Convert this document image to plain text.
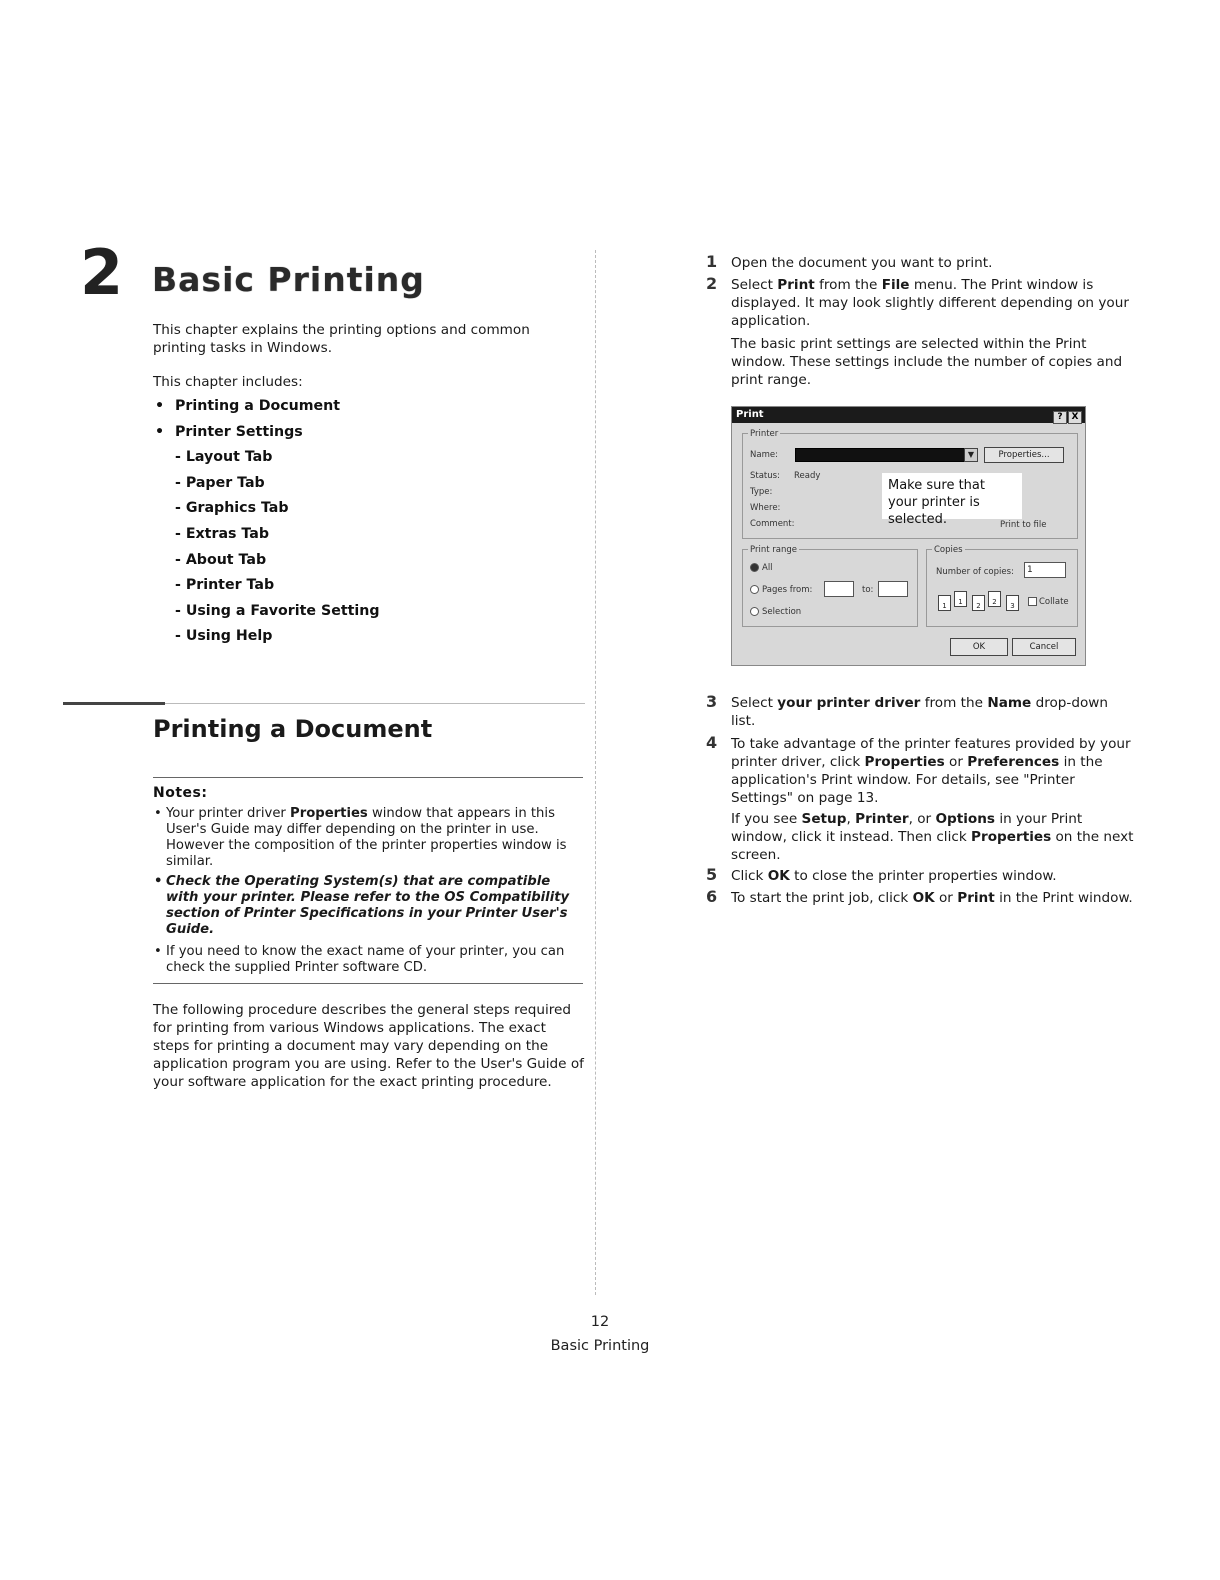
2 Basic Printing
This chapter explains the printing options and common printing tasks in Windows.
This chapter includes:
• Printing a Document
• Printer Settings
- Layout Tab
- Paper Tab
- Graphics Tab
- Extras Tab
- About Tab
- Printer Tab
- Using a Favorite Setting
- Using Help
Printing a Document
Notes:
• Your printer driver Properties window that appears in this User's Guide may differ depending on the printer in use. However the composition of the printer properties window is similar.
• Check the Operating System(s) that are compatible with your printer. Please refer to the OS Compatibility section of Printer Specifications in your Printer User's Guide.
• If you need to know the exact name of your printer, you can check the supplied Printer software CD.
The following procedure describes the general steps required for printing from various Windows applications. The exact steps for printing a document may vary depending on the application program you are using. Refer to the User's Guide of your software application for the exact printing procedure.
1 Open the document you want to print.
2 Select Print from the File menu. The Print window is displayed. It may look slightly different depending on your application.
The basic print settings are selected within the Print window. These settings include the number of copies and print range.
Print	? X
Printer
Name:	▼	Properties...
Status: Ready
Type:
Where:
Comment:	Print to file
Make sure that your printer is selected.
Print range
All
Pages from:	to:
Selection
Copies
Number of copies:	1
1	1	2	2	3	Collate
OK	Cancel
3 Select your printer driver from the Name drop-down list.
4 To take advantage of the printer features provided by your printer driver, click Properties or Preferences in the application's Print window. For details, see "Printer Settings" on page 13.
If you see Setup, Printer, or Options in your Print window, click it instead. Then click Properties on the next screen.
5 Click OK to close the printer properties window.
6 To start the print job, click OK or Print in the Print window.
12
Basic Printing
